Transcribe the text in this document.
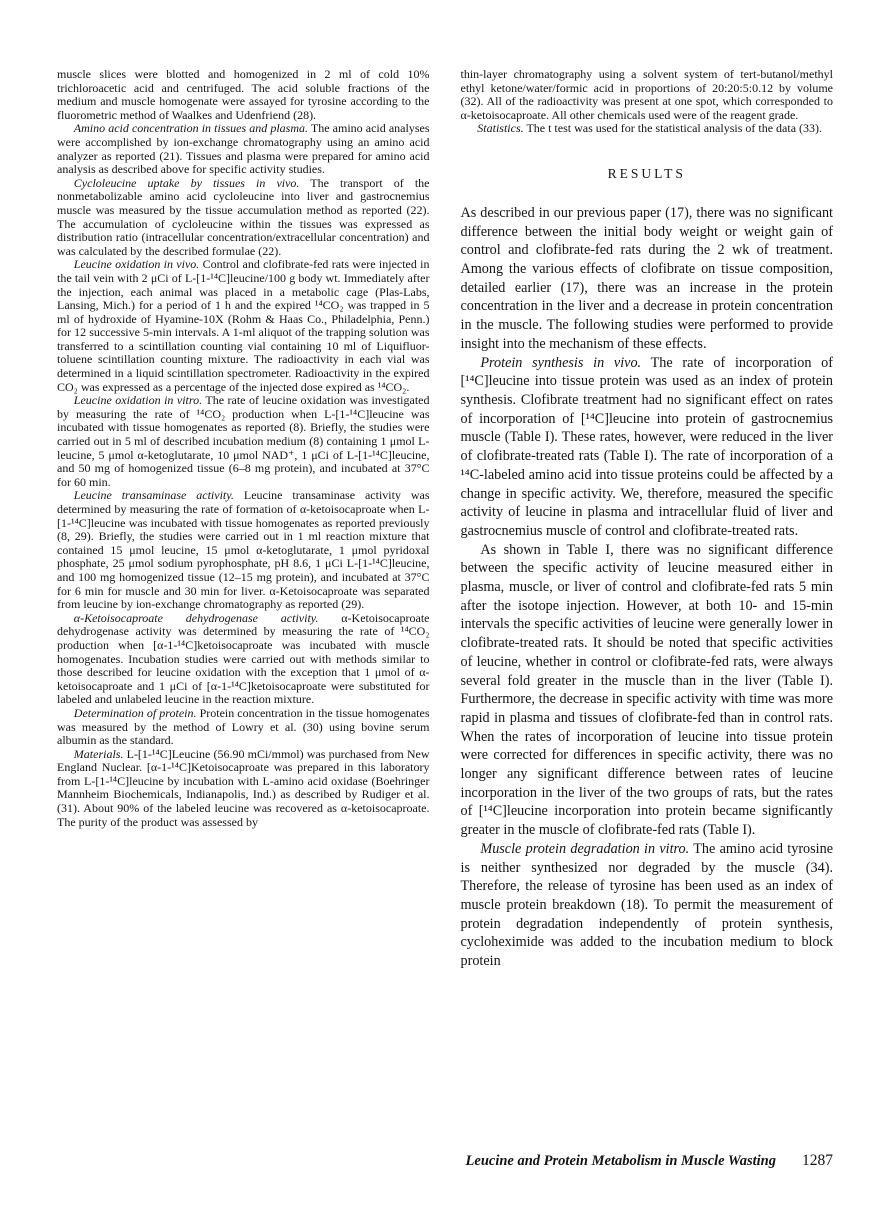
muscle slices were blotted and homogenized in 2 ml of cold 10% trichloroacetic acid and centrifuged. The acid soluble fractions of the medium and muscle homogenate were assayed for tyrosine according to the fluorometric method of Waalkes and Udenfriend (28).

Amino acid concentration in tissues and plasma. The amino acid analyses were accomplished by ion-exchange chromatography using an amino acid analyzer as reported (21). Tissues and plasma were prepared for amino acid analysis as described above for specific activity studies.

Cycloleucine uptake by tissues in vivo. The transport of the nonmetabolizable amino acid cycloleucine into liver and gastrocnemius muscle was measured by the tissue accumulation method as reported (22). The accumulation of cycloleucine within the tissues was expressed as distribution ratio (intracellular concentration/extracellular concentration) and was calculated by the described formulae (22).

Leucine oxidation in vivo. Control and clofibrate-fed rats were injected in the tail vein with 2 μCi of L-[1-¹⁴C]leucine/100 g body wt. Immediately after the injection, each animal was placed in a metabolic cage (Plas-Labs, Lansing, Mich.) for a period of 1 h and the expired ¹⁴CO₂ was trapped in 5 ml of hydroxide of Hyamine-10X (Rohm & Haas Co., Philadelphia, Penn.) for 12 successive 5-min intervals. A 1-ml aliquot of the trapping solution was transferred to a scintillation counting vial containing 10 ml of Liquifluor-toluene scintillation counting mixture. The radioactivity in each vial was determined in a liquid scintillation spectrometer. Radioactivity in the expired CO₂ was expressed as a percentage of the injected dose expired as ¹⁴CO₂.

Leucine oxidation in vitro. The rate of leucine oxidation was investigated by measuring the rate of ¹⁴CO₂ production when L-[1-¹⁴C]leucine was incubated with tissue homogenates as reported (8). Briefly, the studies were carried out in 5 ml of described incubation medium (8) containing 1 μmol L-leucine, 5 μmol α-ketoglutarate, 10 μmol NAD⁺, 1 μCi of L-[1-¹⁴C]leucine, and 50 mg of homogenized tissue (6–8 mg protein), and incubated at 37°C for 60 min.

Leucine transaminase activity. Leucine transaminase activity was determined by measuring the rate of formation of α-ketoisocaproate when L-[1-¹⁴C]leucine was incubated with tissue homogenates as reported previously (8, 29). Briefly, the studies were carried out in 1 ml reaction mixture that contained 15 μmol leucine, 15 μmol α-ketoglutarate, 1 μmol pyridoxal phosphate, 25 μmol sodium pyrophosphate, pH 8.6, 1 μCi L-[1-¹⁴C]leucine, and 100 mg homogenized tissue (12–15 mg protein), and incubated at 37°C for 6 min for muscle and 30 min for liver. α-Ketoisocaproate was separated from leucine by ion-exchange chromatography as reported (29).

α-Ketoisocaproate dehydrogenase activity. α-Ketoisocaproate dehydrogenase activity was determined by measuring the rate of ¹⁴CO₂ production when [α-1-¹⁴C]ketoisocaproate was incubated with muscle homogenates. Incubation studies were carried out with methods similar to those described for leucine oxidation with the exception that 1 μmol of α-ketoisocaproate and 1 μCi of [α-1-¹⁴C]ketoisocaproate were substituted for labeled and unlabeled leucine in the reaction mixture.

Determination of protein. Protein concentration in the tissue homogenates was measured by the method of Lowry et al. (30) using bovine serum albumin as the standard.

Materials. L-[1-¹⁴C]Leucine (56.90 mCi/mmol) was purchased from New England Nuclear. [α-1-¹⁴C]Ketoisocaproate was prepared in this laboratory from L-[1-¹⁴C]leucine by incubation with L-amino acid oxidase (Boehringer Mannheim Biochemicals, Indianapolis, Ind.) as described by Rudiger et al. (31). About 90% of the labeled leucine was recovered as α-ketoisocaproate. The purity of the product was assessed by

thin-layer chromatography using a solvent system of tert-butanol/methyl ethyl ketone/water/formic acid in proportions of 20:20:5:0.12 by volume (32). All of the radioactivity was present at one spot, which corresponded to α-ketoisocaproate. All other chemicals used were of the reagent grade.

Statistics. The t test was used for the statistical analysis of the data (33).

RESULTS

As described in our previous paper (17), there was no significant difference between the initial body weight or weight gain of control and clofibrate-fed rats during the 2 wk of treatment. Among the various effects of clofibrate on tissue composition, detailed earlier (17), there was an increase in the protein concentration in the liver and a decrease in protein concentration in the muscle. The following studies were performed to provide insight into the mechanism of these effects.

Protein synthesis in vivo. The rate of incorporation of [¹⁴C]leucine into tissue protein was used as an index of protein synthesis. Clofibrate treatment had no significant effect on rates of incorporation of [¹⁴C]leucine into protein of gastrocnemius muscle (Table I). These rates, however, were reduced in the liver of clofibrate-treated rats (Table I). The rate of incorporation of a ¹⁴C-labeled amino acid into tissue proteins could be affected by a change in specific activity. We, therefore, measured the specific activity of leucine in plasma and intracellular fluid of liver and gastrocnemius muscle of control and clofibrate-treated rats.

As shown in Table I, there was no significant difference between the specific activity of leucine measured either in plasma, muscle, or liver of control and clofibrate-fed rats 5 min after the isotope injection. However, at both 10- and 15-min intervals the specific activities of leucine were generally lower in clofibrate-treated rats. It should be noted that specific activities of leucine, whether in control or clofibrate-fed rats, were always several fold greater in the muscle than in the liver (Table I). Furthermore, the decrease in specific activity with time was more rapid in plasma and tissues of clofibrate-fed than in control rats. When the rates of incorporation of leucine into tissue protein were corrected for differences in specific activity, there was no longer any significant difference between rates of leucine incorporation in the liver of the two groups of rats, but the rates of [¹⁴C]leucine incorporation into protein became significantly greater in the muscle of clofibrate-fed rats (Table I).

Muscle protein degradation in vitro. The amino acid tyrosine is neither synthesized nor degraded by the muscle (34). Therefore, the release of tyrosine has been used as an index of muscle protein breakdown (18). To permit the measurement of protein degradation independently of protein synthesis, cycloheximide was added to the incubation medium to block protein

Leucine and Protein Metabolism in Muscle Wasting 1287
